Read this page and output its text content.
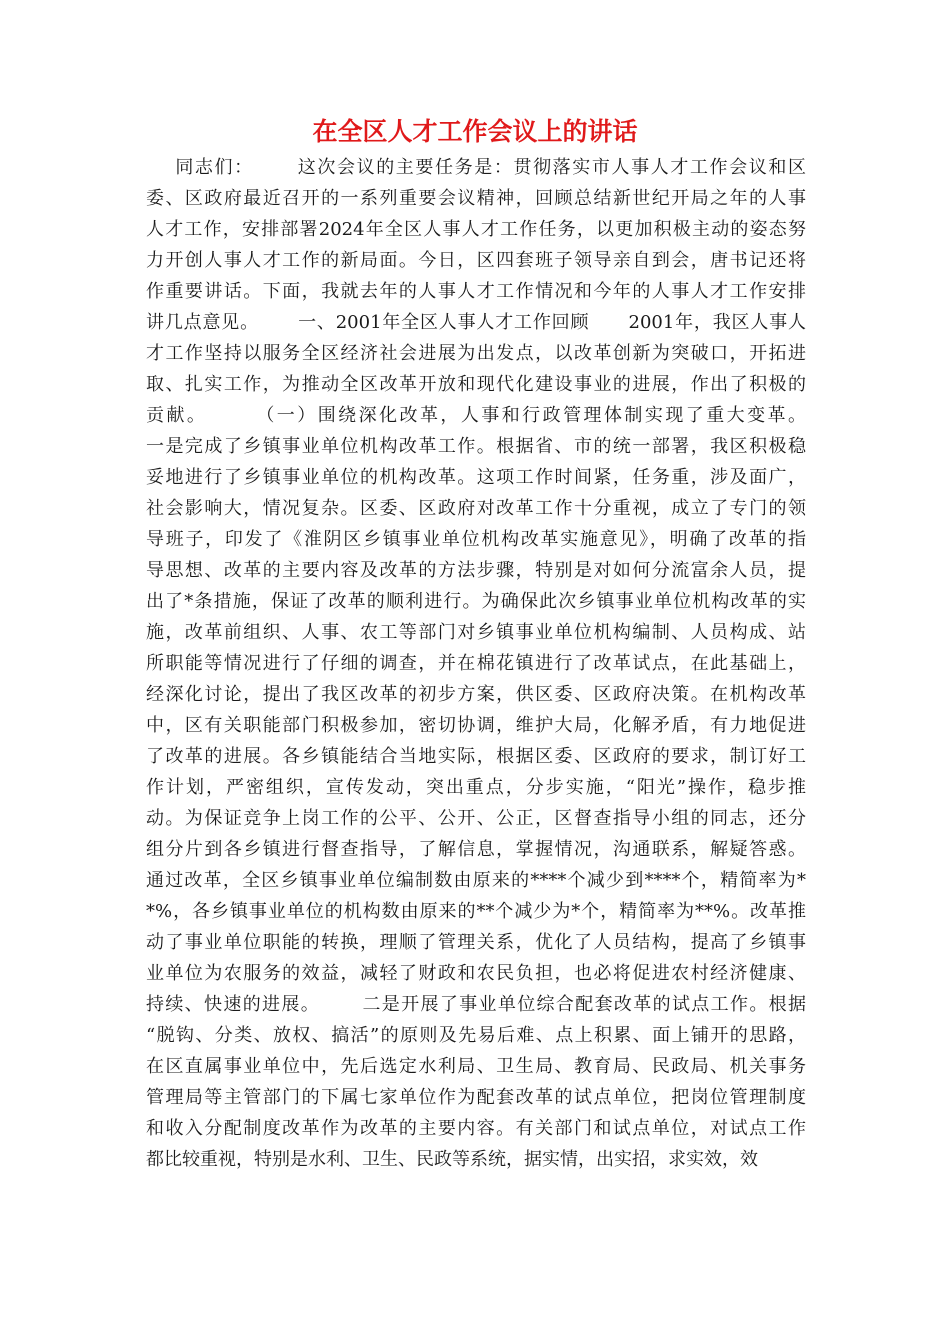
在全区人才工作会议上的讲话
同志们：      这次会议的主要任务是：贯彻落实市人事人才工作会议和区
委、区政府最近召开的一系列重要会议精神，回顾总结新世纪开局之年的人事
人才工作，安排部署2024年全区人事人才工作任务，以更加积极主动的姿态努
力开创人事人才工作的新局面。今日，区四套班子领导亲自到会，唐书记还将
作重要讲话。下面，我就去年的人事人才工作情况和今年的人事人才工作安排
讲几点意见。      一、2001年全区人事人才工作回顾      2001年，我区人事人
才工作坚持以服务全区经济社会进展为出发点，以改革创新为突破口，开拓进
取、扎实工作，为推动全区改革开放和现代化建设事业的进展，作出了积极的
贡献。      （一）围绕深化改革，人事和行政管理体制实现了重大变革。
一是完成了乡镇事业单位机构改革工作。根据省、市的统一部署，我区积极稳
妥地进行了乡镇事业单位的机构改革。这项工作时间紧，任务重，涉及面广，
社会影响大，情况复杂。区委、区政府对改革工作十分重视，成立了专门的领
导班子，印发了《淮阴区乡镇事业单位机构改革实施意见》，明确了改革的指
导思想、改革的主要内容及改革的方法步骤，特别是对如何分流富余人员，提
出了*条措施，保证了改革的顺利进行。为确保此次乡镇事业单位机构改革的实
施，改革前组织、人事、农工等部门对乡镇事业单位机构编制、人员构成、站
所职能等情况进行了仔细的调查，并在棉花镇进行了改革试点，在此基础上，
经深化讨论，提出了我区改革的初步方案，供区委、区政府决策。在机构改革
中，区有关职能部门积极参加，密切协调，维护大局，化解矛盾，有力地促进
了改革的进展。各乡镇能结合当地实际，根据区委、区政府的要求，制订好工
作计划，严密组织，宣传发动，突出重点，分步实施，“阳光”操作，稳步推
动。为保证竞争上岗工作的公平、公开、公正，区督查指导小组的同志，还分
组分片到各乡镇进行督查指导，了解信息，掌握情况，沟通联系，解疑答惑。
通过改革，全区乡镇事业单位编制数由原来的****个减少到****个，精简率为*
*%，各乡镇事业单位的机构数由原来的**个减少为*个，精简率为**%。改革推
动了事业单位职能的转换，理顺了管理关系，优化了人员结构，提高了乡镇事
业单位为农服务的效益，减轻了财政和农民负担，也必将促进农村经济健康、
持续、快速的进展。      二是开展了事业单位综合配套改革的试点工作。根据
“脱钩、分类、放权、搞活”的原则及先易后难、点上积累、面上铺开的思路，
在区直属事业单位中，先后选定水利局、卫生局、教育局、民政局、机关事务
管理局等主管部门的下属七家单位作为配套改革的试点单位，把岗位管理制度
和收入分配制度改革作为改革的主要内容。有关部门和试点单位，对试点工作
都比较重视，特别是水利、卫生、民政等系统，据实情，出实招，求实效，效
